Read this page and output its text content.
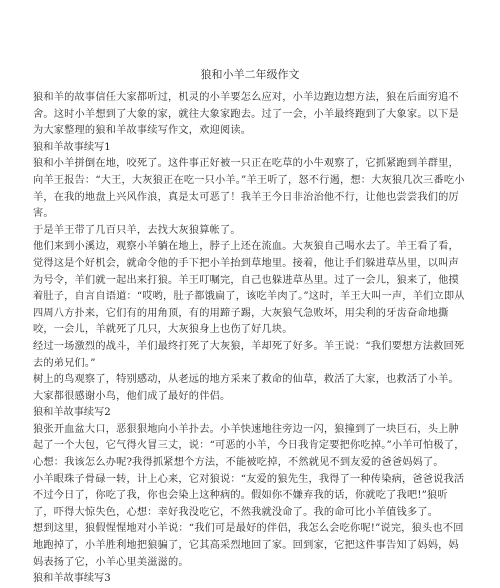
狼和小羊二年级作文

狼和羊的故事信任大家都听过，机灵的小羊要怎么应对，小羊边跑边想方法，狼在后面穷追不舍。这时小羊想到了大象的家，就往大象家跑去。过了一会，小羊最终跑到了大象家。以下是为大家整理的狼和羊故事续写作文，欢迎阅读。

狼和羊故事续写1

狼和小羊拼倒在地，咬死了。这件事正好被一只正在吃草的小牛观察了，它抓紧跑到羊群里，向羊王报告：“大王，大灰狼正在吃一只小羊。”羊王听了，怒不行遏，想：大灰狼几次三番吃小羊，在我的地盘上兴风作浪，真是太可恶了！我羊王今日非治治他不行，让他也尝尝我们的厉害。

于是羊王带了几百只羊，去找大灰狼算帐了。

他们来到小溪边，观察小羊躺在地上，脖子上还在流血。大灰狼自己喝水去了。羊王看了看，觉得这是个好机会，就命令他的手下把小羊抬到草地里。接着，他让手们躲进草丛里，以叫声为号令，羊们就一起出来打狼。羊王叮嘱完，自己也躲进草丛里。过了一会儿，狼来了，他摸着肚子，自言自语道：“哎哟，肚子都饿扁了，该吃羊肉了。”这时，羊王大叫一声，羊们立即从四周八方扑来，它们有的用角顶，有的用蹄子踢，大灰狼气急败坏，用尖利的牙齿奋命地撕咬，一会儿，羊就死了几只，大灰狼身上也伤了好几块。

经过一场激烈的战斗，羊们最终打死了大灰狼，羊却死了好多。羊王说：“我们要想方法救回死去的弟兄们。”

树上的鸟观察了，特别感动，从老远的地方采来了救命的仙草，救活了大家，也救活了小羊。大家都很感谢小鸟，他们成了最好的伴侣。

狼和羊故事续写2

狼张开血盆大口，恶狠狠地向小羊扑去。小羊快速地往旁边一闪，狼撞到了一块巨石，头上肿起了一个大包，它气得火冒三丈，说：“可恶的小羊，今日我肯定要把你吃掉。”小羊可怕极了，心想：我该怎么办呢?我得抓紧想个方法，不能被吃掉，不然就见不到友爱的爸爸妈妈了。

小羊眼珠子骨碌一转，计上心来，它对狼说：“友爱的狼先生，我得了一种传染病，爸爸说我活不过今日了，你吃了我，你也会染上这种病的。假如你不嫌弃我的话，你就吃了我吧!”狼听了，吓得大惊失色，心想：幸好我没吃它，不然我就没命了。我的命可比小羊值钱多了。

想到这里，狼假惺惺地对小羊说：“我们可是最好的伴侣，我怎么会吃你呢!”说完，狼头也不回地跑掉了，小羊胜利地把狼骗了，它其高采烈地回了家。回到家，它把这件事告知了妈妈，妈妈表扬了它，小羊心里美滋滋的。

狼和羊故事续写3
